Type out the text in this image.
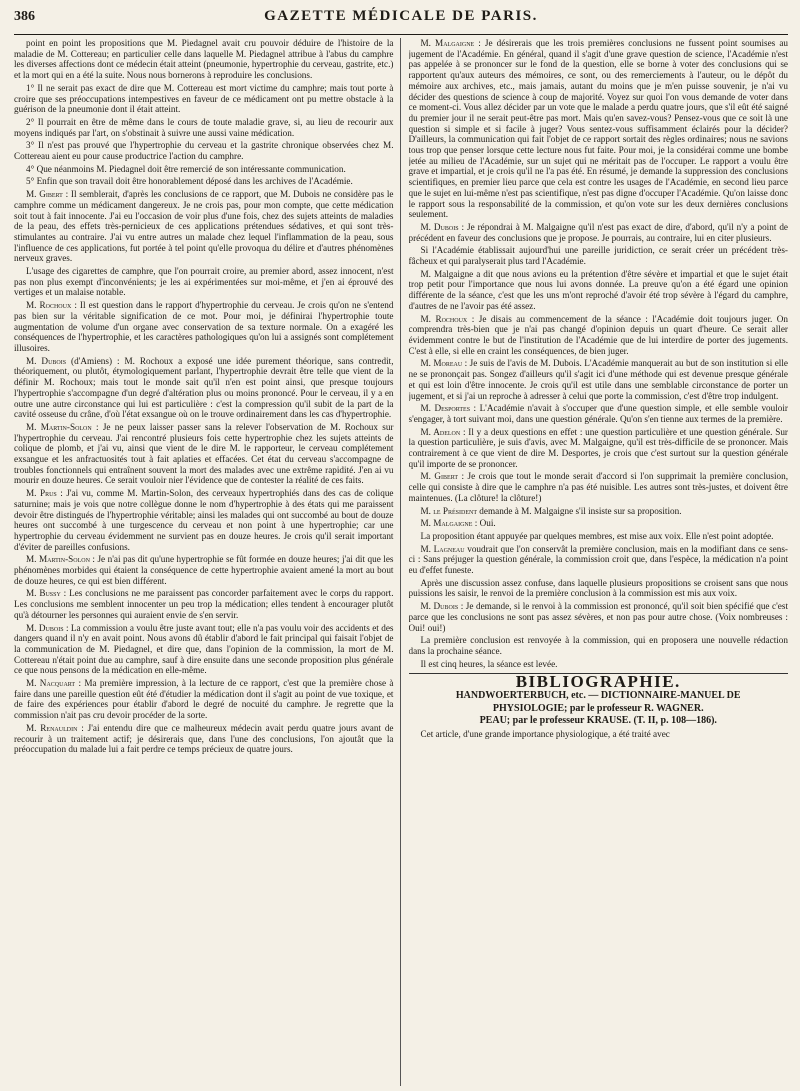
386	GAZETTE MÉDICALE DE PARIS.

point en point les propositions que M. Piedagnel avait cru pouvoir déduire de l'histoire de la maladie de M. Cottereau; en particulier celle dans laquelle M. Piedagnel attribue à l'abus du camphre les diverses affections dont ce médecin était atteint (pneumonie, hypertrophie du cerveau, gastrite, etc.) et la mort qui en a été la suite. Nous nous bornerons à reproduire les conclusions.

1° Il ne serait pas exact de dire que M. Cottereau est mort victime du camphre; mais tout porte à croire que ses préoccupations intempestives en faveur de ce médicament ont pu mettre obstacle à la guérison de la pneumonie dont il était atteint.

2° Il pourrait en être de même dans le cours de toute maladie grave, si, au lieu de recourir aux moyens indiqués par l'art, on s'obstinait à suivre une aussi vaine médication.

3° Il n'est pas prouvé que l'hypertrophie du cerveau et la gastrite chronique observées chez M. Cottereau aient eu pour cause productrice l'action du camphre.

4° Que néanmoins M. Piedagnel doit être remercié de son intéressante communication.

5° Enfin que son travail doit être honorablement déposé dans les archives de l'Académie.

M. Gibert : Il semblerait, d'après les conclusions de ce rapport, que M. Dubois ne considère pas le camphre comme un médicament dangereux. Je ne crois pas, pour mon compte, que cette médication soit tout à fait innocente. J'ai eu l'occasion de voir plus d'une fois, chez des sujets atteints de maladies de la peau, des effets très-pernicieux de ces applications prétendues sédatives, et qui sont très-stimulantes au contraire. J'ai vu entre autres un malade chez lequel l'inflammation de la peau, sous l'influence de ces applications, fut portée à tel point qu'elle provoqua du délire et d'autres phénomènes nerveux graves.

L'usage des cigarettes de camphre, que l'on pourrait croire, au premier abord, assez innocent, n'est pas non plus exempt d'inconvénients; je les ai expérimentées sur moi-même, et j'en ai éprouvé des vertiges et un malaise notable.

M. Rochoux : Il est question dans le rapport d'hypertrophie du cerveau. Je crois qu'on ne s'entend pas bien sur la véritable signification de ce mot. Pour moi, je définirai l'hypertrophie toute augmentation de volume d'un organe avec conservation de sa texture normale. On a exagéré les conséquences de l'hypertrophie, et les caractères pathologiques qu'on lui a assignés sont complétement illusoires.

M. Dubois (d'Amiens) : M. Rochoux a exposé une idée purement théorique, sans contredit, théoriquement, ou plutôt, étymologiquement parlant, l'hypertrophie devrait être telle que vient de la définir M. Rochoux; mais tout le monde sait qu'il n'en est point ainsi, que presque toujours l'hypertrophie s'accompagne d'un degré d'altération plus ou moins prononcé. Pour le cerveau, il y a en outre une autre circonstance qui lui est particulière : c'est la compression qu'il subit de la part de la cavité osseuse du crâne, d'où l'état exsangue où on le trouve ordinairement dans les cas d'hypertrophie.

M. Martin-Solon : Je ne peux laisser passer sans la relever l'observation de M. Rochoux sur l'hypertrophie du cerveau. J'ai rencontré plusieurs fois cette hypertrophie chez les sujets atteints de colique de plomb, et j'ai vu, ainsi que vient de le dire M. le rapporteur, le cerveau complétement exsangue et les anfractuosités tout à fait aplaties et effacées. Cet état du cerveau s'accompagne de troubles fonctionnels qui entraînent souvent la mort des malades avec une extrême rapidité. J'en ai vu mourir en douze heures. Ce serait vouloir nier l'évidence que de contester la réalité de ces faits.

M. Prus : J'ai vu, comme M. Martin-Solon, des cerveaux hypertrophiés dans des cas de colique saturnine; mais je vois que notre collègue donne le nom d'hypertrophie à des états qui me paraissent devoir être distingués de l'hypertrophie véritable; ainsi les malades qui ont succombé au bout de douze heures ont succombé à une turgescence du cerveau et non point à une hypertrophie; car une hypertrophie du cerveau évidemment ne survient pas en douze heures. Je crois qu'il serait important d'éviter de pareilles confusions.

M. Martin-Solon : Je n'ai pas dit qu'une hypertrophie se fût formée en douze heures; j'ai dit que les phénomènes morbides qui étaient la conséquence de cette hypertrophie avaient amené la mort au bout de douze heures, ce qui est bien différent.

M. Bussy : Les conclusions ne me paraissent pas concorder parfaitement avec le corps du rapport. Les conclusions me semblent innocenter un peu trop la médication; elles tendent à encourager plutôt qu'à détourner les personnes qui auraient envie de s'en servir.

M. Dubois : La commission a voulu être juste avant tout; elle n'a pas voulu voir des accidents et des dangers quand il n'y en avait point. Nous avons dû établir d'abord le fait principal qui faisait l'objet de la communication de M. Piedagnel, et dire que, dans l'opinion de la commission, la mort de M. Cottereau n'était point due au camphre, sauf à dire ensuite dans une seconde proposition plus générale ce que nous pensons de la médication en elle-même.

M. Nacquart : Ma première impression, à la lecture de ce rapport, c'est que la première chose à faire dans une pareille question eût été d'étudier la médication dont il s'agit au point de vue toxique, et de faire des expériences pour établir d'abord le degré de nocuité du camphre. Je regrette que la commission n'ait pas cru devoir procéder de la sorte.

M. Renauldin : J'ai entendu dire que ce malheureux médecin avait perdu quatre jours avant de recourir à un traitement actif; je désirerais que, dans l'une des conclusions, l'on ajoutât que la préoccupation du malade lui a fait perdre ce temps précieux de quatre jours.

M. Malgaigne : Je désirerais que les trois premières conclusions ne fussent point soumises au jugement de l'Académie. En général, quand il s'agit d'une grave question de science, l'Académie n'est pas appelée à se prononcer sur le fond de la question, elle se borne à voter des conclusions qui se rapportent qu'aux auteurs des mémoires, ce sont, ou des remerciements à l'auteur, ou le dépôt du mémoire aux archives, etc., mais jamais, autant du moins que je m'en puisse souvenir, je n'ai vu décider des questions de science à coup de majorité. Voyez sur quoi l'on vous demande de voter dans ce moment-ci. Vous allez décider par un vote que le malade a perdu quatre jours, que s'il eût été saigné du premier jour il ne serait peut-être pas mort. Mais qu'en savez-vous? Pensez-vous que ce soit là une question si simple et si facile à juger? Vous sentez-vous suffisamment éclairés pour la décider? D'ailleurs, la communication qui fait l'objet de ce rapport sortait des règles ordinaires; nous ne savions tous trop que penser lorsque cette lecture nous fut faite. Pour moi, je la considérai comme une bombe jetée au milieu de l'Académie, sur un sujet qui ne méritait pas de l'occuper. Le rapport a voulu être grave et impartial, et je crois qu'il ne l'a pas été. En résumé, je demande la suppression des conclusions scientifiques, en premier lieu parce que cela est contre les usages de l'Académie, en second lieu parce que le sujet en lui-même n'est pas scientifique, n'est pas digne d'occuper l'Académie. Qu'on laisse donc le rapport sous la responsabilité de la commission, et qu'on vote sur les deux dernières conclusions seulement.

M. Dubois : Je répondrai à M. Malgaigne qu'il n'est pas exact de dire, d'abord, qu'il n'y a point de précédent en faveur des conclusions que je propose. Je pourrais, au contraire, lui en citer plusieurs.

Si l'Académie établissait aujourd'hui une pareille juridiction, ce serait créer un précédent très-fâcheux et qui paralyserait plus tard l'Académie.

M. Malgaigne a dit que nous avions eu la prétention d'être sévère et impartial et que le sujet était trop petit pour l'importance que nous lui avons donnée. La preuve qu'on a été égard une opinion différente de la séance, c'est que les uns m'ont reproché d'avoir été trop sévère à l'égard du camphre, d'autres de ne l'avoir pas été assez.

M. Rochoux : Je disais au commencement de la séance : l'Académie doit toujours juger. On comprendra très-bien que je n'ai pas changé d'opinion depuis un quart d'heure. Ce serait aller évidemment contre le but de l'institution de l'Académie que de lui interdire de porter des jugements. C'est à elle, si elle en craint les conséquences, de bien juger.

M. Moreau : Je suis de l'avis de M. Dubois. L'Académie manquerait au but de son institution si elle ne se prononçait pas. Songez d'ailleurs qu'il s'agit ici d'une méthode qui est devenue presque générale et qui est loin d'être innocente. Je crois qu'il est utile dans une semblable circonstance de porter un jugement, et si j'ai un reproche à adresser à celui que porte la commission, c'est d'être trop indulgent.

M. Desportes : L'Académie n'avait à s'occuper que d'une question simple, et elle semble vouloir s'engager, à tort suivant moi, dans une question générale. Qu'on s'en tienne aux termes de la première.

M. Adelon : Il y a deux questions en effet : une question particulière et une question générale. Sur la question particulière, je suis d'avis, avec M. Malgaigne, qu'il est très-difficile de se prononcer. Mais contrairement à ce que vient de dire M. Desportes, je crois que c'est surtout sur la question générale qu'il importe de se prononcer.

M. Gibert : Je crois que tout le monde serait d'accord si l'on supprimait la première conclusion, celle qui consiste à dire que le camphre n'a pas été nuisible. Les autres sont très-justes, et doivent être maintenues. (La clôture! la clôture!)

M. le Président demande à M. Malgaigne s'il insiste sur sa proposition.

M. Malgaigne : Oui.

La proposition étant appuyée par quelques membres, est mise aux voix. Elle n'est point adoptée.

M. Lagneau voudrait que l'on conservât la première conclusion, mais en la modifiant dans ce sens-ci : Sans préjuger la question générale, la commission croit que, dans l'espèce, la médication n'a point eu d'effet funeste.

Après une discussion assez confuse, dans laquelle plusieurs propositions se croisent sans que nous puissions les saisir, le renvoi de la première conclusion à la commission est mis aux voix.

M. Dubois : Je demande, si le renvoi à la commission est prononcé, qu'il soit bien spécifié que c'est parce que les conclusions ne sont pas assez sévères, et non pas pour autre chose. (Voix nombreuses : Oui! oui!)

La première conclusion est renvoyée à la commission, qui en proposera une nouvelle rédaction dans la prochaine séance.

Il est cinq heures, la séance est levée.

BIBLIOGRAPHIE.
HANDWOERTERBUCH, etc. — DICTIONNAIRE-MANUEL DE
PHYSIOLOGIE; par le professeur R. WAGNER.
PEAU; par le professeur KRAUSE. (T. II, p. 108—186).

Cet article, d'une grande importance physiologique, a été traité avec
